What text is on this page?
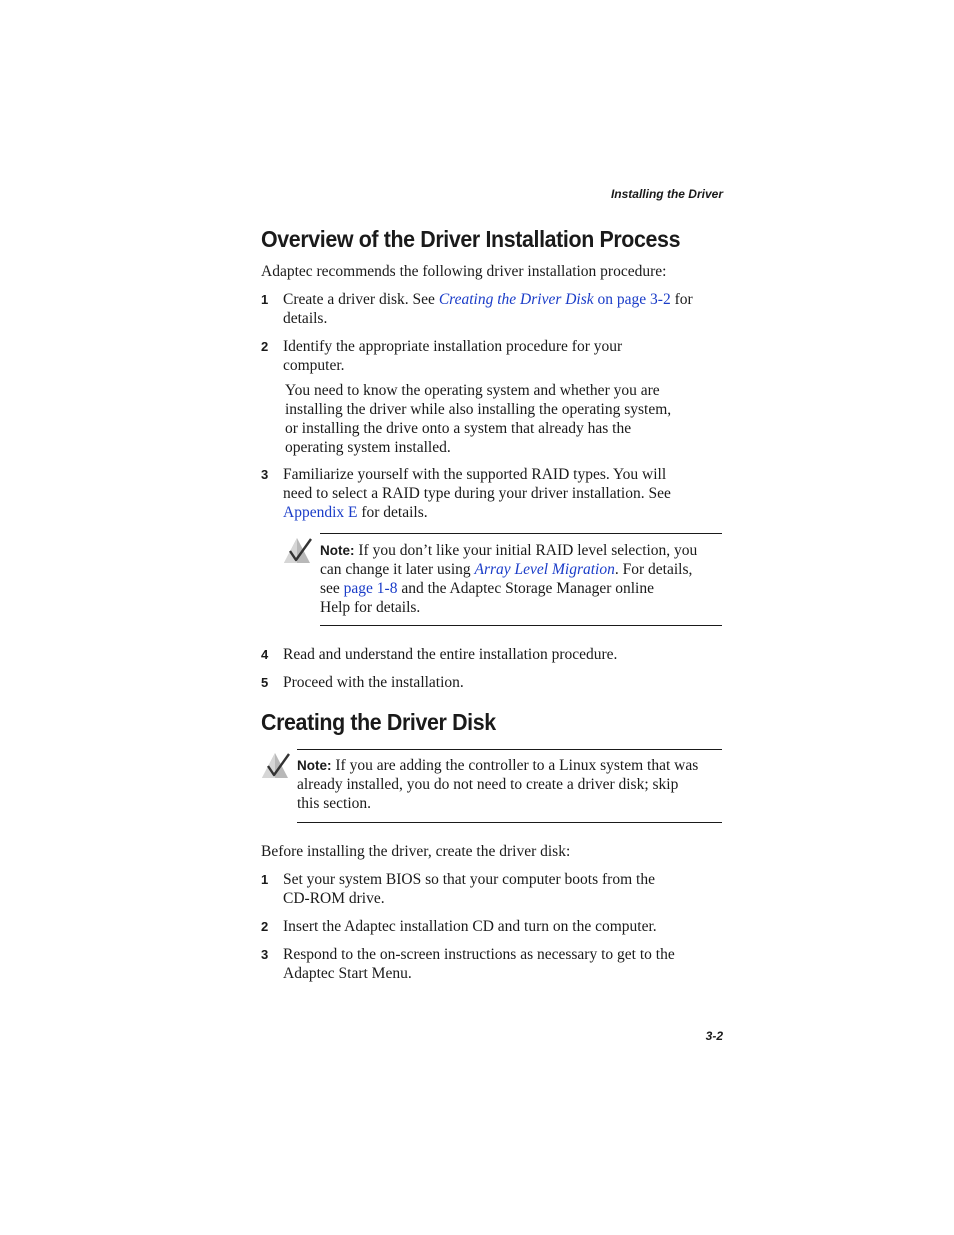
Installing the Driver
Overview of the Driver Installation Process
Adaptec recommends the following driver installation procedure:
1 Create a driver disk. See Creating the Driver Disk on page 3-2 for
details.
2 Identify the appropriate installation procedure for your
computer.
You need to know the operating system and whether you are
installing the driver while also installing the operating system,
or installing the drive onto a system that already has the
operating system installed.
3 Familiarize yourself with the supported RAID types. You will
need to select a RAID type during your driver installation. See
Appendix E for details.
Note: If you don’t like your initial RAID level selection, you
can change it later using Array Level Migration. For details,
see page 1-8 and the Adaptec Storage Manager online
Help for details.
4 Read and understand the entire installation procedure.
5 Proceed with the installation.
Creating the Driver Disk
Note: If you are adding the controller to a Linux system that was
already installed, you do not need to create a driver disk; skip
this section.
Before installing the driver, create the driver disk:
1 Set your system BIOS so that your computer boots from the
CD-ROM drive.
2 Insert the Adaptec installation CD and turn on the computer.
3 Respond to the on-screen instructions as necessary to get to the
Adaptec Start Menu.
3-2
